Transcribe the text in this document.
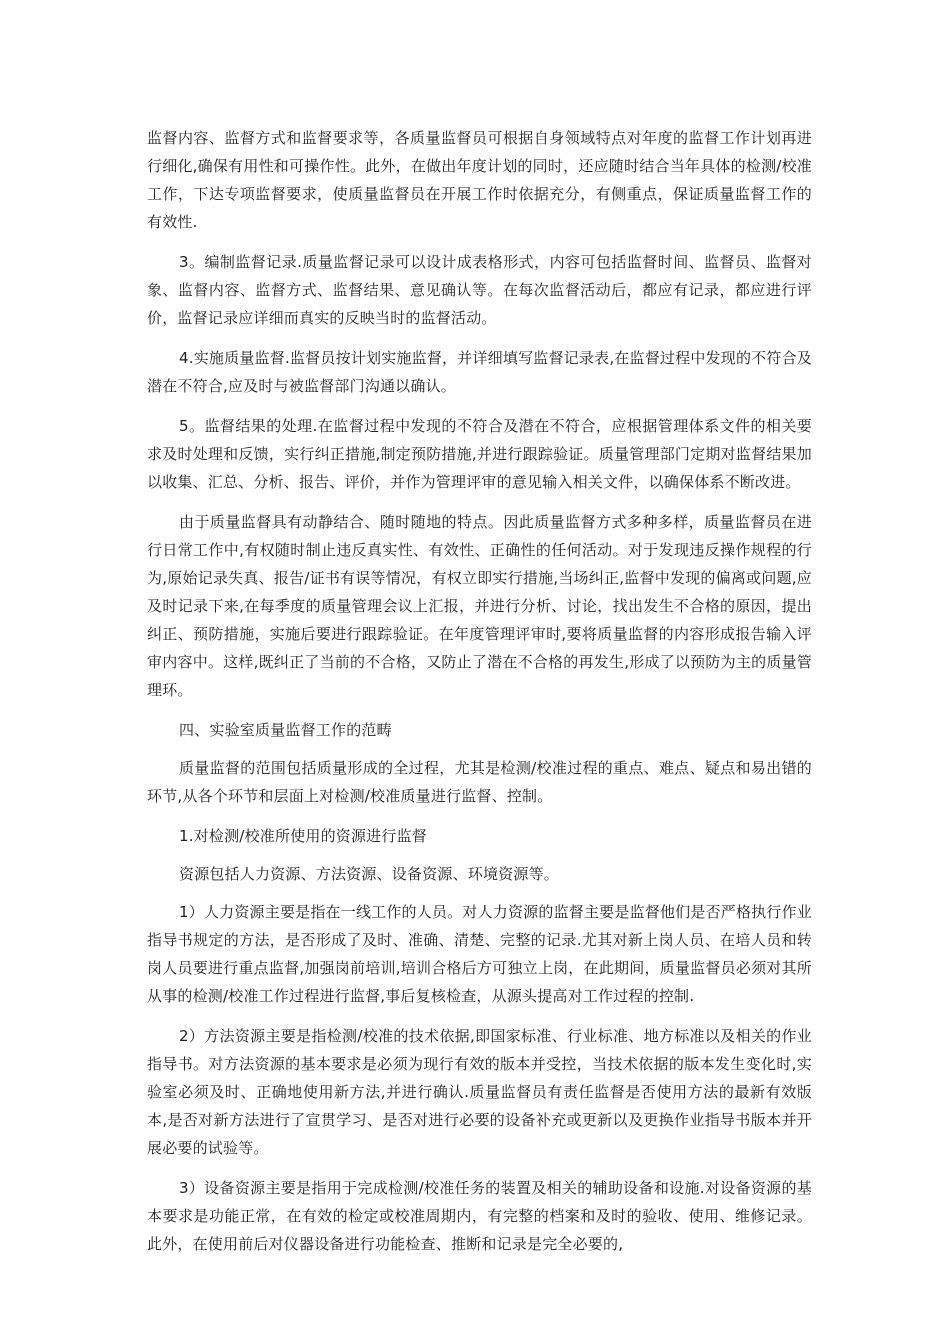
监督内容、监督方式和监督要求等，各质量监督员可根据自身领域特点对年度的监督工作计划再进行细化,确保有用性和可操作性。此外，在做出年度计划的同时，还应随时结合当年具体的检测/校准工作，下达专项监督要求，使质量监督员在开展工作时依据充分，有侧重点，保证质量监督工作的有效性.

3。编制监督记录.质量监督记录可以设计成表格形式，内容可包括监督时间、监督员、监督对象、监督内容、监督方式、监督结果、意见确认等。在每次监督活动后，都应有记录，都应进行评价，监督记录应详细而真实的反映当时的监督活动。

4.实施质量监督.监督员按计划实施监督，并详细填写监督记录表,在监督过程中发现的不符合及潜在不符合,应及时与被监督部门沟通以确认。

5。监督结果的处理.在监督过程中发现的不符合及潜在不符合，应根据管理体系文件的相关要求及时处理和反馈，实行纠正措施,制定预防措施,并进行跟踪验证。质量管理部门定期对监督结果加以收集、汇总、分析、报告、评价，并作为管理评审的意见输入相关文件，以确保体系不断改进。

由于质量监督具有动静结合、随时随地的特点。因此质量监督方式多种多样，质量监督员在进行日常工作中,有权随时制止违反真实性、有效性、正确性的任何活动。对于发现违反操作规程的行为,原始记录失真、报告/证书有误等情况，有权立即实行措施,当场纠正,监督中发现的偏离或问题,应及时记录下来,在每季度的质量管理会议上汇报，并进行分析、讨论，找出发生不合格的原因，提出纠正、预防措施，实施后要进行跟踪验证。在年度管理评审时,要将质量监督的内容形成报告输入评审内容中。这样,既纠正了当前的不合格，又防止了潜在不合格的再发生,形成了以预防为主的质量管理环。

四、实验室质量监督工作的范畴

质量监督的范围包括质量形成的全过程，尤其是检测/校准过程的重点、难点、疑点和易出错的环节,从各个环节和层面上对检测/校准质量进行监督、控制。

1.对检测/校准所使用的资源进行监督

资源包括人力资源、方法资源、设备资源、环境资源等。

1）人力资源主要是指在一线工作的人员。对人力资源的监督主要是监督他们是否严格执行作业指导书规定的方法，是否形成了及时、准确、清楚、完整的记录.尤其对新上岗人员、在培人员和转岗人员要进行重点监督,加强岗前培训,培训合格后方可独立上岗，在此期间，质量监督员必须对其所从事的检测/校准工作过程进行监督,事后复核检查，从源头提高对工作过程的控制.

2）方法资源主要是指检测/校准的技术依据,即国家标准、行业标准、地方标准以及相关的作业指导书。对方法资源的基本要求是必须为现行有效的版本并受控，当技术依据的版本发生变化时,实验室必须及时、正确地使用新方法,并进行确认.质量监督员有责任监督是否使用方法的最新有效版本,是否对新方法进行了宣贯学习、是否对进行必要的设备补充或更新以及更换作业指导书版本并开展必要的试验等。

3）设备资源主要是指用于完成检测/校准任务的装置及相关的辅助设备和设施.对设备资源的基本要求是功能正常，在有效的检定或校准周期内，有完整的档案和及时的验收、使用、维修记录。此外，在使用前后对仪器设备进行功能检查、推断和记录是完全必要的,
